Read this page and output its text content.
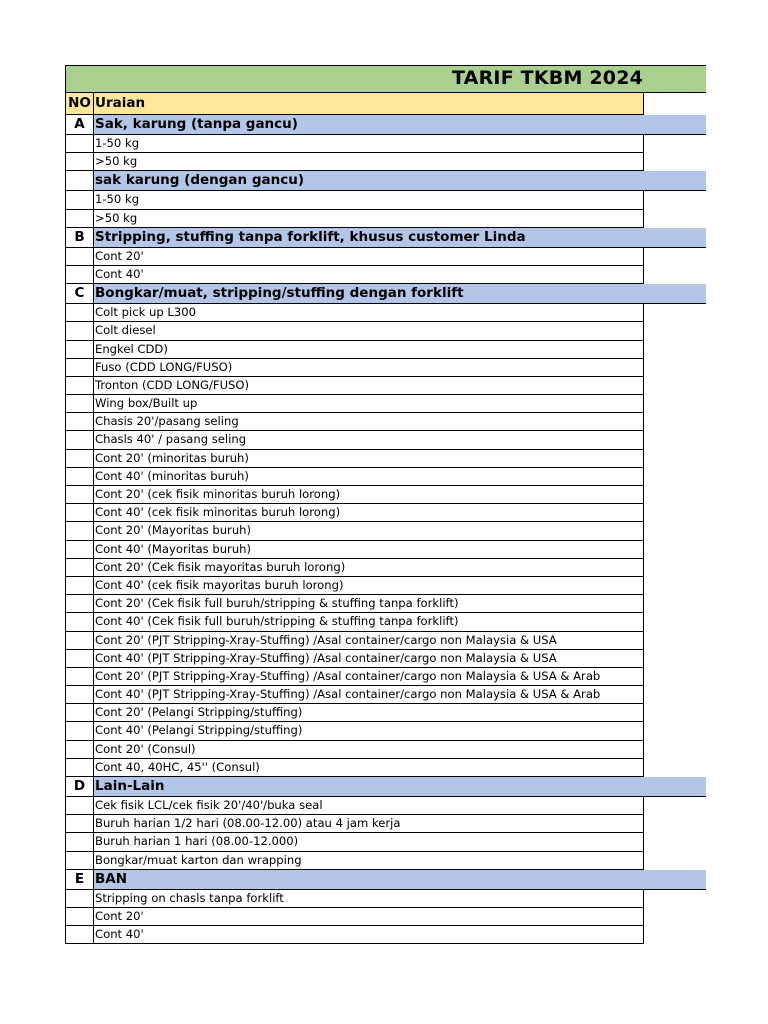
TARIF TKBM 2024
NO Uraian
A Sak, karung (tanpa gancu)
1-50 kg
>50 kg
sak karung (dengan gancu)
1-50 kg
>50 kg
B Stripping, stuffing tanpa forklift, khusus customer Linda
Cont 20'
Cont 40'
C Bongkar/muat, stripping/stuffing dengan forklift
Colt pick up L300
Colt diesel
Engkel CDD)
Fuso (CDD LONG/FUSO)
Tronton (CDD LONG/FUSO)
Wing box/Built up
Chasis 20'/pasang seling
Chasls 40' / pasang seling
Cont 20' (minoritas buruh)
Cont 40' (minoritas buruh)
Cont 20' (cek fisik minoritas buruh lorong)
Cont 40' (cek fisik minoritas buruh lorong)
Cont 20' (Mayoritas buruh)
Cont 40' (Mayoritas buruh)
Cont 20' (Cek fisik mayoritas buruh lorong)
Cont 40' (cek fisik mayoritas buruh lorong)
Cont 20' (Cek fisik full buruh/stripping & stuffing tanpa forklift)
Cont 40' (Cek fisik full buruh/stripping & stuffing tanpa forklift)
Cont 20' (PJT Stripping-Xray-Stuffing) /Asal container/cargo non Malaysia & USA
Cont 40' (PJT Stripping-Xray-Stuffing) /Asal container/cargo non Malaysia & USA
Cont 20' (PJT Stripping-Xray-Stuffing) /Asal container/cargo non Malaysia & USA & Arab
Cont 40' (PJT Stripping-Xray-Stuffing) /Asal container/cargo non Malaysia & USA & Arab
Cont 20' (Pelangi Stripping/stuffing)
Cont 40' (Pelangi Stripping/stuffing)
Cont 20' (Consul)
Cont 40, 40HC, 45'' (Consul)
D Lain-Lain
Cek fisik LCL/cek fisik 20'/40'/buka seal
Buruh harian 1/2 hari (08.00-12.00) atau 4 jam kerja
Buruh harian 1 hari (08.00-12.000)
Bongkar/muat karton dan wrapping
E BAN
Stripping on chasls tanpa forklift
Cont 20'
Cont 40'
